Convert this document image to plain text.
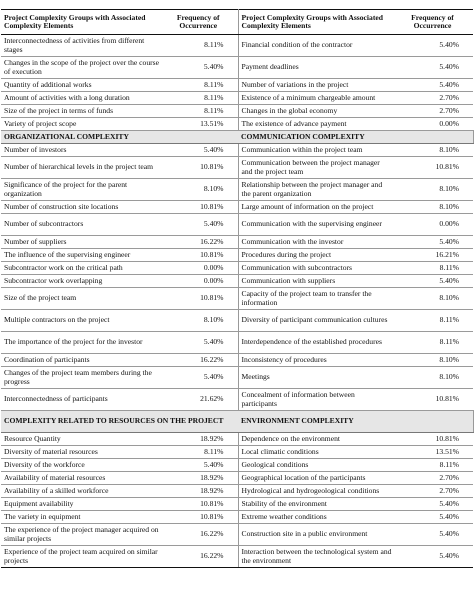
Project Complexity Groups with Associated Complexity Elements	Frequency of Occurrence	Project Complexity Groups with Associated Complexity Elements	Frequency of Occurrence
Interconnectedness of activities from different stages	8.11%	Financial condition of the contractor	5.40%
Changes in the scope of the project over the course of execution	5.40%	Payment deadlines	5.40%
Quantity of additional works	8.11%	Number of variations in the project	5.40%
Amount of activities with a long duration	8.11%	Existence of a minimum chargeable amount	2.70%
Size of the project in terms of funds	8.11%	Changes in the global economy	2.70%
Variety of project scope	13.51%	The existence of advance payment	0.00%
ORGANIZATIONAL COMPLEXITY		COMMUNICATION COMPLEXITY	
Number of investors	5.40%	Communication within the project team	8.10%
Number of hierarchical levels in the project team	10.81%	Communication between the project manager and the project team	10.81%
Significance of the project for the parent organization	8.10%	Relationship between the project manager and the parent organization	8.10%
Number of construction site locations	10.81%	Large amount of information on the project	8.10%
Number of subcontractors	5.40%	Communication with the supervising engineer	0.00%
Number of suppliers	16.22%	Communication with the investor	5.40%
The influence of the supervising engineer	10.81%	Procedures during the project	16.21%
Subcontractor work on the critical path	0.00%	Communication with subcontractors	8.11%
Subcontractor work overlapping	0.00%	Communication with suppliers	5.40%
Size of the project team	10.81%	Capacity of the project team to transfer the information	8.10%
Multiple contractors on the project	8.10%	Diversity of participant communication cultures	8.11%
The importance of the project for the investor	5.40%	Interdependence of the established procedures	8.11%
Coordination of participants	16.22%	Inconsistency of procedures	8.10%
Changes of the project team members during the progress	5.40%	Meetings	8.10%
Interconnectedness of participants	21.62%	Concealment of information between participants	10.81%
COMPLEXITY RELATED TO RESOURCES ON THE PROJECT		ENVIRONMENT COMPLEXITY	
Resource Quantity	18.92%	Dependence on the environment	10.81%
Diversity of material resources	8.11%	Local climatic conditions	13.51%
Diversity of the workforce	5.40%	Geological conditions	8.11%
Availability of material resources	18.92%	Geographical location of the participants	2.70%
Availability of a skilled workforce	18.92%	Hydrological and hydrogeological conditions	2.70%
Equipment availability	10.81%	Stability of the environment	5.40%
The variety in equipment	10.81%	Extreme weather conditions	5.40%
The experience of the project manager acquired on similar projects	16.22%	Construction site in a public environment	5.40%
Experience of the project team acquired on similar projects	16.22%	Interaction between the technological system and the environment	5.40%
